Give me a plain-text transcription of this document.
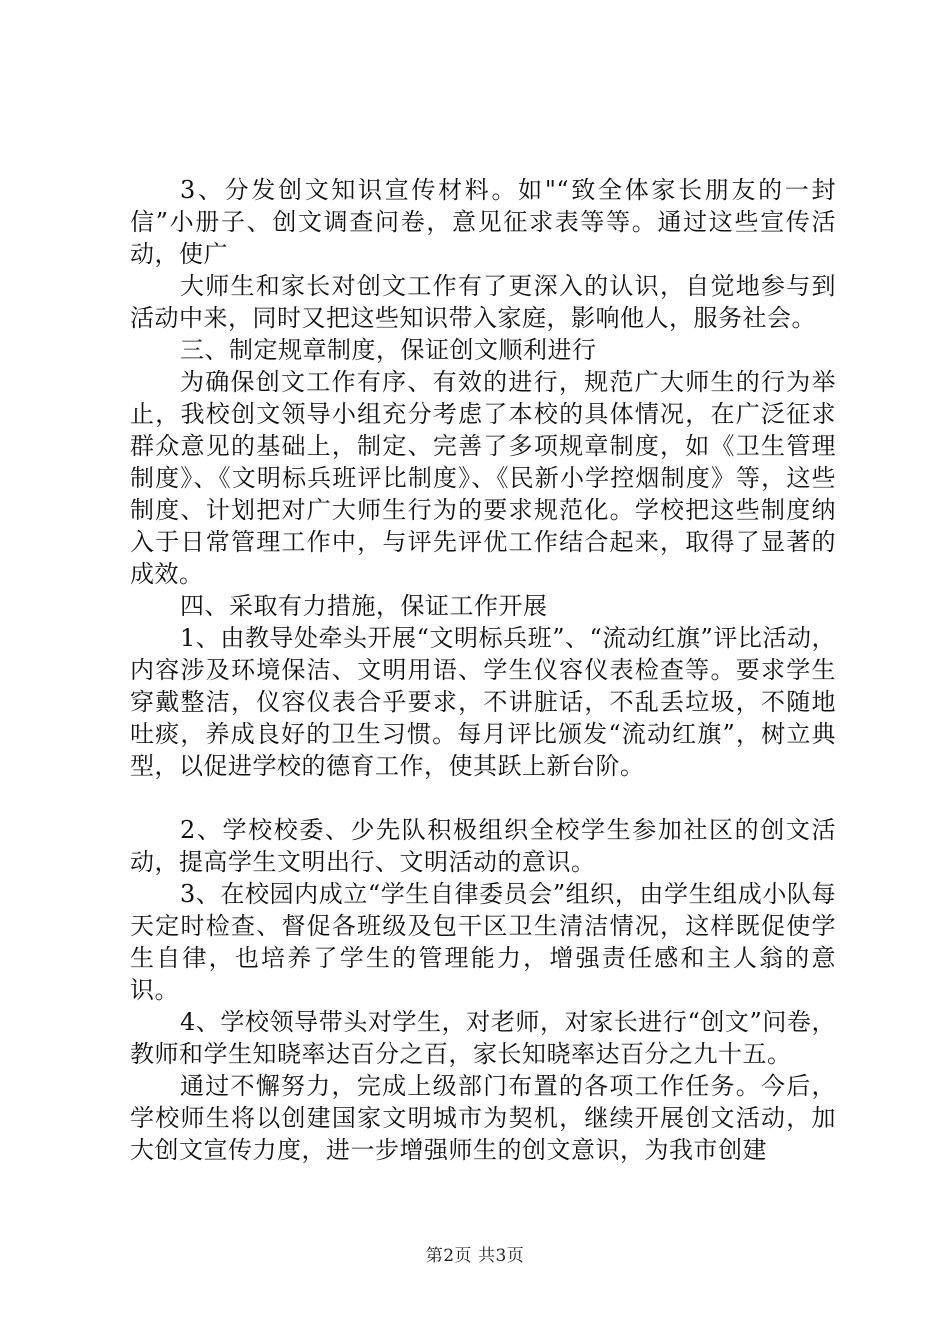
3、分发创文知识宣传材料。如"“致全体家长朋友的一封信”小册子、创文调查问卷，意见征求表等等。通过这些宣传活动，使广

大师生和家长对创文工作有了更深入的认识，自觉地参与到活动中来，同时又把这些知识带入家庭，影响他人，服务社会。

三、制定规章制度，保证创文顺利进行

为确保创文工作有序、有效的进行，规范广大师生的行为举止，我校创文领导小组充分考虑了本校的具体情况，在广泛征求群众意见的基础上，制定、完善了多项规章制度，如《卫生管理制度》、《文明标兵班评比制度》、《民新小学控烟制度》等，这些制度、计划把对广大师生行为的要求规范化。学校把这些制度纳入于日常管理工作中，与评先评优工作结合起来，取得了显著的成效。

四、采取有力措施，保证工作开展

1、由教导处牵头开展“文明标兵班”、“流动红旗”评比活动，内容涉及环境保洁、文明用语、学生仪容仪表检查等。要求学生穿戴整洁，仪容仪表合乎要求，不讲脏话，不乱丢垃圾，不随地吐痰，养成良好的卫生习惯。每月评比颁发“流动红旗”，树立典型，以促进学校的德育工作，使其跃上新台阶。

2、学校校委、少先队积极组织全校学生参加社区的创文活动，提高学生文明出行、文明活动的意识。

3、在校园内成立“学生自律委员会”组织，由学生组成小队每天定时检查、督促各班级及包干区卫生清洁情况，这样既促使学生自律，也培养了学生的管理能力，增强责任感和主人翁的意识。

4、学校领导带头对学生，对老师，对家长进行“创文”问卷，教师和学生知晓率达百分之百，家长知晓率达百分之九十五。

通过不懈努力，完成上级部门布置的各项工作任务。今后，学校师生将以创建国家文明城市为契机，继续开展创文活动，加大创文宣传力度，进一步增强师生的创文意识，为我市创建

第2页 共3页
